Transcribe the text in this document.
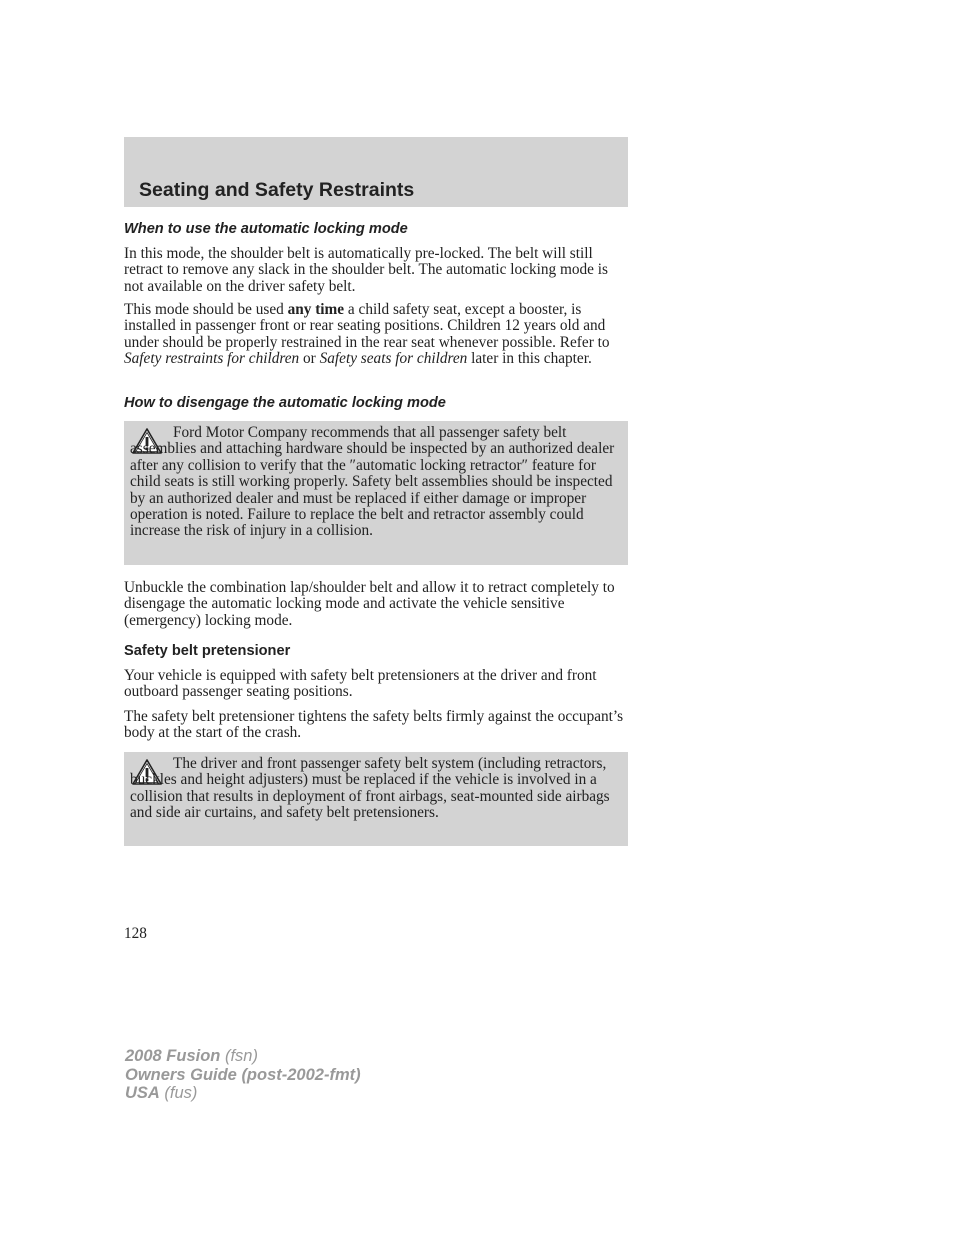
Seating and Safety Restraints
When to use the automatic locking mode

In this mode, the shoulder belt is automatically pre-locked. The belt will still retract to remove any slack in the shoulder belt. The automatic locking mode is not available on the driver safety belt.

This mode should be used any time a child safety seat, except a booster, is installed in passenger front or rear seating positions. Children 12 years old and under should be properly restrained in the rear seat whenever possible. Refer to Safety restraints for children or Safety seats for children later in this chapter.

How to disengage the automatic locking mode

Ford Motor Company recommends that all passenger safety belt assemblies and attaching hardware should be inspected by an authorized dealer after any collision to verify that the ″automatic locking retractor″ feature for child seats is still working properly. Safety belt assemblies should be inspected by an authorized dealer and must be replaced if either damage or improper operation is noted. Failure to replace the belt and retractor assembly could increase the risk of injury in a collision.

Unbuckle the combination lap/shoulder belt and allow it to retract completely to disengage the automatic locking mode and activate the vehicle sensitive (emergency) locking mode.

Safety belt pretensioner

Your vehicle is equipped with safety belt pretensioners at the driver and front outboard passenger seating positions.

The safety belt pretensioner tightens the safety belts firmly against the occupant’s body at the start of the crash.

The driver and front passenger safety belt system (including retractors, buckles and height adjusters) must be replaced if the vehicle is involved in a collision that results in deployment of front airbags, seat-mounted side airbags and side air curtains, and safety belt pretensioners.

128
2008 Fusion (fsn)
Owners Guide (post-2002-fmt)
USA (fus)
